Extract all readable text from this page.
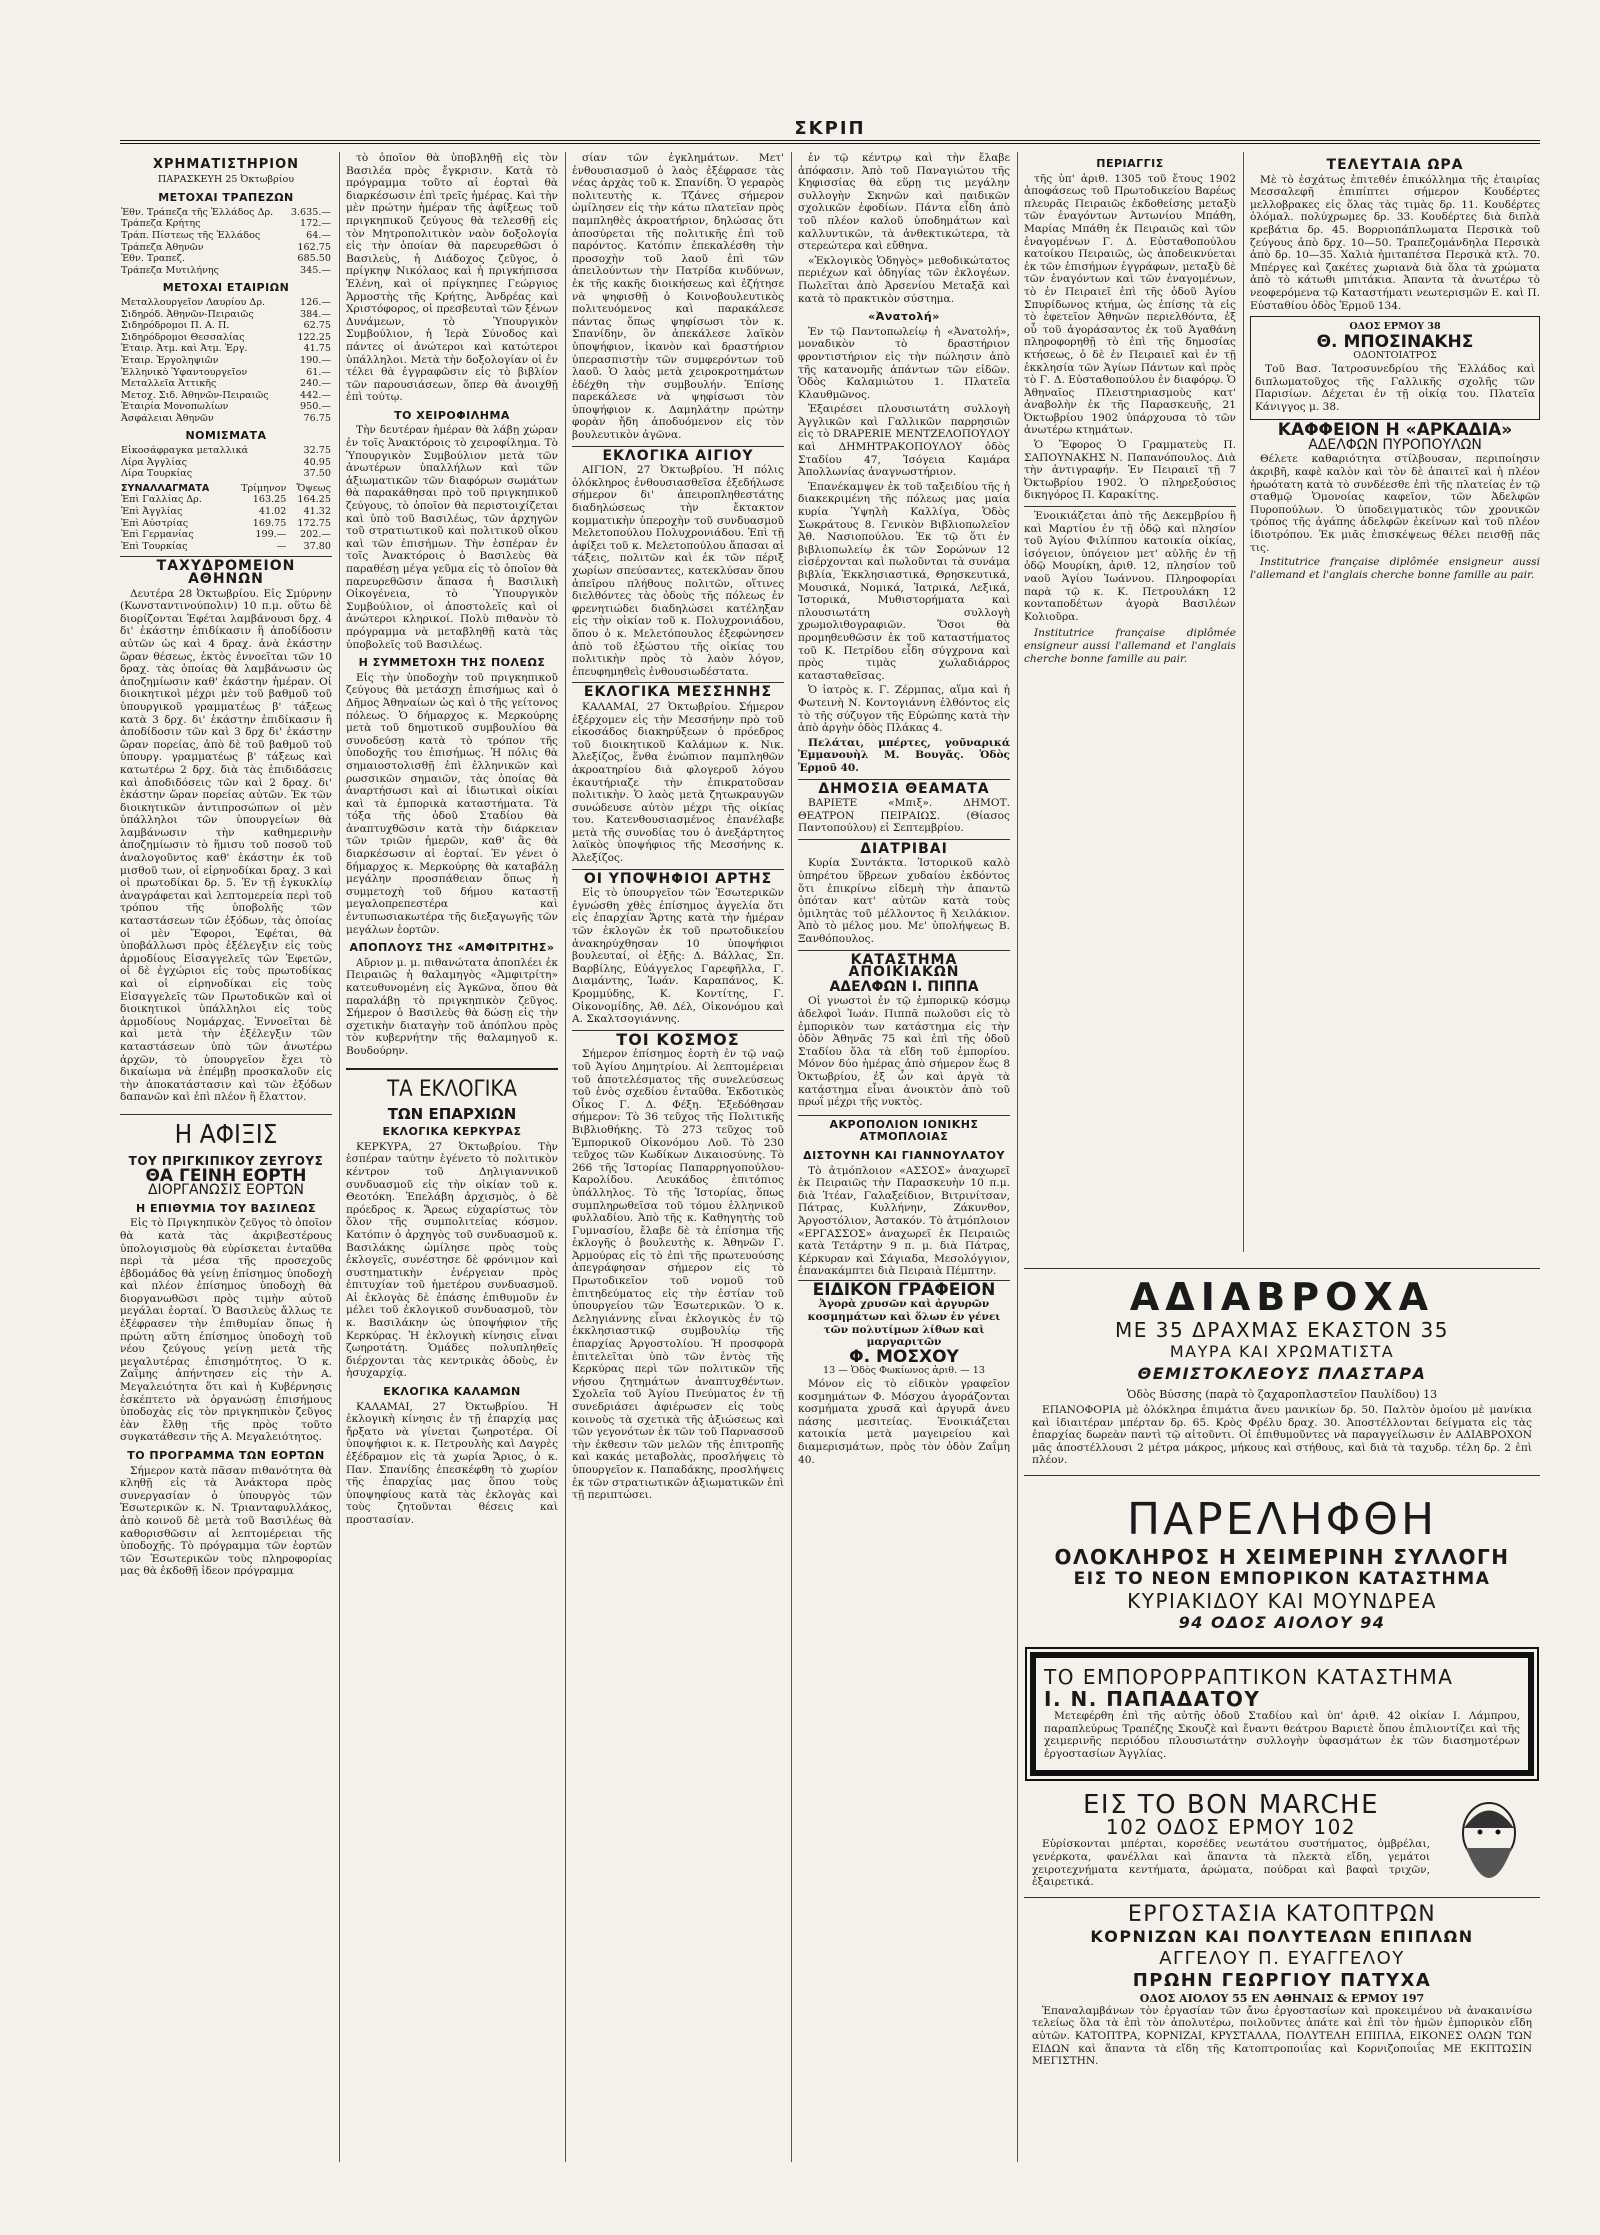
ΣΚΡΙΠ
ΧΡΗΜΑΤΙΣΤΗΡΙΟΝ
ΠΑΡΑΣΚΕΥΗ 25 Ὀκτωβρίου
ΜΕΤΟΧΑΙ ΤΡΑΠΕΖΩΝ
Ἐθν. Τράπεζα τῆς Ἑλλάδος Δρ.	3.635.—
Τράπεζα Κρήτης	172.—
Τράπ. Πίστεως τῆς Ἑλλάδος	64.—
Τράπεζα Ἀθηνῶν	162.75
Ἐθν. Τραπεζ.	685.50
Τράπεζα Μυτιλήνης	345.—
ΜΕΤΟΧΑΙ ΕΤΑΙΡΙΩΝ
Μεταλλουργεῖον Λαυρίου Δρ.	126.—
Σιδηρόδ. Ἀθηνῶν-Πειραιῶς	384.—
Σιδηρόδρομοι Π. Α. Π.	62.75
Σιδηρόδρομοι Θεσσαλίας	122.25
Ἑταιρ. Ἀτμ. καὶ Ἀτμ. Ἐργ.	41.75
Ἑταιρ. Ἐργοληψιῶν	190.—
Ἑλληνικὸ Ὑφαντουργεῖον	61.—
Μεταλλεῖα Ἀττικῆς	240.—
Μετοχ. Σιδ. Ἀθηνῶν-Πειραιῶς	442.—
Ἑταιρία Μονοπωλίων	950.—
Ἀσφάλειαι Ἀθηνῶν	76.75
ΝΟΜΙΣΜΑΤΑ
Εἰκοσάφραγκα μεταλλικά	32.75
Λίρα Ἀγγλίας	40.95
Λίρα Τουρκίας	37.50
ΣΥΝΑΛΛΑΓΜΑΤΑ	Τρίμηνον	Ὄψεως
Ἐπὶ Γαλλίας Δρ.	163.25	164.25
Ἐπὶ Ἀγγλίας	41.02	41.32
Ἐπὶ Αὐστρίας	169.75	172.75
Ἐπὶ Γερμανίας	199.—	202.—
Ἐπὶ Τουρκίας	—	37.80
ΤΑΧΥΔΡΟΜΕΙΟΝ ΑΘΗΝΩΝ

Δευτέρα 28 Ὀκτωβρίου. Εἰς Σμύρνην (Κωνσταντινούπολιν) 10 π.μ. οὕτω δὲ διορίζονται Ἐφέται λαμβάνουσι δρχ. 4 δι' ἑκάστην ἐπιδίκασιν ἢ ἀποδίδοσιν αὐτῶν ὡς καὶ 4 δραχ. ἀνὰ ἑκάστην ὥραν θέσεως, ἐκτὸς ἐννοεῖται τῶν 10 δραχ. τὰς ὁποίας θὰ λαμβάνωσιν ὡς ἀποζημίωσιν καθ' ἑκάστην ἡμέραν. Οἱ διοικητικοὶ μέχρι μὲν τοῦ βαθμοῦ τοῦ ὑπουργικοῦ γραμματέως β' τάξεως κατὰ 3 δρχ. δι' ἑκάστην ἐπιδίκασιν ἢ ἀποδίδοσιν τῶν καὶ 3 δρχ δι' ἑκάστην ὥραν πορείας, ἀπὸ δὲ τοῦ βαθμοῦ τοῦ ὑπουργ. γραμματέως β' τάξεως καὶ κατωτέρω 2 δρχ. διὰ τὰς ἐπιδιδάσεις καὶ ἀποδιδόσεις τῶν καὶ 2 δραχ. δι' ἑκάστην ὥραν πορείας αὐτῶν. Ἐκ τῶν διοικητικῶν ἀντιπροσώπων οἱ μὲν ὑπάλληλοι τῶν ὑπουργείων θὰ λαμβάνωσιν τὴν καθημερινὴν ἀποζημίωσιν τὸ ἥμισυ τοῦ ποσοῦ τοῦ ἀναλογοῦντος καθ' ἑκάστην ἐκ τοῦ μισθοῦ των, οἱ εἰρηνοδίκαι δραχ. 3 καὶ οἱ πρωτοδίκαι δρ. 5. Ἐν τῇ ἐγκυκλίῳ ἀναγράφεται καὶ λεπτομερεία περὶ τοῦ τρόπου τῆς ὑποβολῆς τῶν καταστάσεων τῶν ἐξόδων, τὰς ὁποίας οἱ μὲν Ἔφοροι, Ἐφέται, θὰ ὑποβάλλωσι πρὸς ἐξέλεγξιν εἰς τοὺς ἁρμοδίους Εἰσαγγελεῖς τῶν Ἐφετῶν, οἱ δὲ ἐγχώριοι εἰς τοὺς πρωτοδίκας καὶ οἱ εἰρηνοδίκαι εἰς τοὺς Εἰσαγγελεῖς τῶν Πρωτοδικῶν καὶ οἱ διοικητικοὶ ὑπάλληλοι εἰς τοὺς ἁρμοδίους Νομάρχας. Ἐννοεῖται δὲ καὶ μετὰ τὴν ἐξέλεγξιν τῶν καταστάσεων ὑπὸ τῶν ἀνωτέρω ἀρχῶν, τὸ ὑπουργεῖον ἔχει τὸ δικαίωμα νὰ ἐπέμβῃ προσκαλοῦν εἰς τὴν ἀποκατάστασιν καὶ τῶν ἐξόδων δαπανῶν καὶ ἐπὶ πλέον ἢ ἔλαττον.

Η ΑΦΙΞΙΣ
ΤΟΥ ΠΡΙΓΚΙΠΙΚΟΥ ΖΕΥΓΟΥΣ
ΘΑ ΓΕΙΝΗ ΕΟΡΤΗ
ΔΙΟΡΓΑΝΩΣΙΣ ΕΟΡΤΩΝ
Η ΕΠΙΘΥΜΙΑ ΤΟΥ ΒΑΣΙΛΕΩΣ

Εἰς τὸ Πριγκηπικὸν ζεῦγος τὸ ὁποῖον θὰ κατὰ τὰς ἀκριβεστέρους ὑπολογισμοὺς θὰ εὑρίσκεται ἐνταῦθα περὶ τὰ μέσα τῆς προσεχοῦς ἑβδομάδος θὰ γείνῃ ἐπίσημος ὑποδοχὴ καὶ πλέον ἐπίσημος ὑποδοχὴ θὰ διοργανωθῶσι πρὸς τιμὴν αὐτοῦ μεγάλαι ἑορταί. Ὁ Βασιλεὺς ἄλλως τε ἐξέφρασεν τὴν ἐπιθυμίαν ὅπως ἡ πρώτη αὕτη ἐπίσημος ὑποδοχὴ τοῦ νέου ζεύγους γείνῃ μετὰ τῆς μεγαλυτέρας ἐπισημότητος. Ὁ κ. Ζαΐμης ἀπήντησεν εἰς τὴν Α. Μεγαλειότητα ὅτι καὶ ἡ Κυβέρνησις ἐσκέπτετο νὰ ὀργανώσῃ ἐπισήμους ὑποδοχὰς εἰς τὸν πριγκηπικὸν ζεῦγος ἐὰν ἔλθῃ τῆς πρὸς τοῦτο συγκατάθεσιν τῆς Α. Μεγαλειότητος.

ΤΟ ΠΡΟΓΡΑΜΜΑ ΤΩΝ ΕΟΡΤΩΝ

Σήμερον κατὰ πᾶσαν πιθανότητα θὰ κληθῇ εἰς τὰ Ἀνάκτορα πρὸς συνεργασίαν ὁ ὑπουργὸς τῶν Ἐσωτερικῶν κ. Ν. Τριανταφυλλάκος, ἀπὸ κοινοῦ δὲ μετὰ τοῦ Βασιλέως θὰ καθορισθῶσιν αἱ λεπτομέρειαι τῆς ὑποδοχῆς. Τὸ πρόγραμμα τῶν ἑορτῶν τῶν Ἐσωτερικῶν τοὺς πληροφορίας μας θὰ ἐκδοθῇ ἰδεον πρόγραμμα

τὸ ὁποῖον θὰ ὑποβληθῇ εἰς τὸν Βασιλέα πρὸς ἔγκρισιν. Κατὰ τὸ πρόγραμμα τοῦτο αἱ ἑορταὶ θὰ διαρκέσωσιν ἐπὶ τρεῖς ἡμέρας. Καὶ τὴν μὲν πρώτην ἡμέραν τῆς ἀφίξεως τοῦ πριγκηπικοῦ ζεύγους θὰ τελεσθῇ εἰς τὸν Μητροπολιτικὸν ναὸν δοξολογία εἰς τὴν ὁποίαν θὰ παρευρεθῶσι ὁ Βασιλεὺς, ἡ Διάδοχος ζεῦγος, ὁ πρίγκηψ Νικόλαος καὶ ἡ πριγκήπισσα Ἑλένη, καὶ οἱ πρίγκηπες Γεώργιος Ἁρμοστὴς τῆς Κρήτης, Ἀνδρέας καὶ Χριστόφορος, οἱ πρεσβευταὶ τῶν ξένων Δυνάμεων, τὸ Ὑπουργικὸν Συμβούλιον, ἡ Ἱερὰ Σύνοδος καὶ πάντες οἱ ἀνώτεροι καὶ κατώτεροι ὑπάλληλοι. Μετὰ τὴν δοξολογίαν οἱ ἐν τέλει θὰ ἐγγραφῶσιν εἰς τὸ βιβλίον τῶν παρουσιάσεων, ὅπερ θὰ ἀνοιχθῇ ἐπὶ τούτῳ.

ΤΟ ΧΕΙΡΟΦΙΛΗΜΑ

Τὴν δευτέραν ἡμέραν θὰ λάβῃ χώραν ἐν τοῖς Ἀνακτόροις τὸ χειροφίλημα. Τὸ Ὑπουργικὸν Συμβούλιον μετὰ τῶν ἀνωτέρων ὑπαλλήλων καὶ τῶν ἀξιωματικῶν τῶν διαφόρων σωμάτων θὰ παρακάθησαι πρὸ τοῦ πριγκηπικοῦ ζεύγους, τὸ ὁποῖον θὰ περιστοιχίζεται καὶ ὑπὸ τοῦ Βασιλέως, τῶν ἀρχηγῶν τοῦ στρατιωτικοῦ καὶ πολιτικοῦ οἴκου καὶ τῶν ἐπισήμων. Τὴν ἑσπέραν ἐν τοῖς Ἀνακτόροις ὁ Βασιλεὺς θὰ παραθέσῃ μέγα γεῦμα εἰς τὸ ὁποῖον θὰ παρευρεθῶσιν ἅπασα ἡ Βασιλικὴ Οἰκογένεια, τὸ Ὑπουργικὸν Συμβούλιον, οἱ ἀποστολεῖς καὶ οἱ ἀνώτεροι κληρικοί. Πολὺ πιθανὸν τὸ πρόγραμμα νὰ μεταβληθῇ κατὰ τὰς ὑποβολεῖς τοῦ Βασιλέως.

Η ΣΥΜΜΕΤΟΧΗ ΤΗΣ ΠΟΛΕΩΣ

Εἰς τὴν ὑποδοχὴν τοῦ πριγκηπικοῦ ζεύγους θὰ μετάσχῃ ἐπισήμως καὶ ὁ Δῆμος Ἀθηναίων ὡς καὶ ὁ τῆς γείτονος πόλεως. Ὁ δήμαρχος κ. Μερκούρης μετὰ τοῦ δημοτικοῦ συμβουλίου θὰ συνοδεύσῃ κατὰ τὸ τρόπον τῆς ὑποδοχῆς του ἐπισήμως. Ἡ πόλις θὰ σημαιοστολισθῇ ἐπὶ ἑλληνικῶν καὶ ρωσσικῶν σημαιῶν, τὰς ὁποίας θὰ ἀναρτήσωσι καὶ αἱ ἰδιωτικαὶ οἰκίαι καὶ τὰ ἐμπορικὰ καταστήματα. Τὰ τόξα τῆς ὁδοῦ Σταδίου θὰ ἀναπτυχθῶσιν κατὰ τὴν διάρκειαν τῶν τριῶν ἡμερῶν, καθ' ἃς θὰ διαρκέσωσιν αἱ ἑορταί. Ἐν γένει ὁ δήμαρχος κ. Μερκούρης θὰ καταβάλῃ μεγάλην προσπάθειαν ὅπως ἡ συμμετοχὴ τοῦ δήμου καταστῇ μεγαλοπρεπεστέρα καὶ ἐντυπωσιακωτέρα τῆς διεξαγωγῆς τῶν μεγάλων ἑορτῶν.

ΑΠΟΠΛΟΥΣ ΤΗΣ «ΑΜΦΙΤΡΙΤΗΣ»

Αὔριον μ. μ. πιθανώτατα ἀποπλέει ἐκ Πειραιῶς ἡ θαλαμηγὸς «Ἀμφιτρίτη» κατευθυνομένη εἰς Ἀγκῶνα, ὅπου θὰ παραλάβῃ τὸ πριγκηπικὸν ζεῦγος. Σήμερον ὁ Βασιλεὺς θὰ δώσῃ εἰς τὴν σχετικὴν διαταγὴν τοῦ ἀπόπλου πρὸς τὸν κυβερνήτην τῆς θαλαμηγοῦ κ. Βουδούρην.

ΤΑ ΕΚΛΟΓΙΚΑ
ΤΩΝ ΕΠΑΡΧΙΩΝ
ΕΚΛΟΓΙΚΑ ΚΕΡΚΥΡΑΣ

ΚΕΡΚΥΡΑ, 27 Ὀκτωβρίου. Τὴν ἑσπέραν ταύτην ἐγένετο τὸ πολιτικὸν κέντρον τοῦ Δηλιγιαννικοῦ συνδυασμοῦ εἰς τὴν οἰκίαν τοῦ κ. Θεοτόκη. Ἐπελάβη ἀρχισμὸς, ὁ δὲ πρόεδρος κ. Ἄρεως εὐχαρίστως τὸν ὅλον τῆς συμπολιτείας κόσμον. Κατόπιν ὁ ἀρχηγὸς τοῦ συνδυασμοῦ κ. Βασιλάκης ὡμίλησε πρὸς τοὺς ἐκλογεῖς, συνέστησε δὲ φρόνιμον καὶ συστηματικὴν ἐνέργειαν πρὸς ἐπιτυχίαν τοῦ ἡμετέρου συνδυασμοῦ. Αἱ ἐκλογὰς δὲ ἐπάσης ἐπιθυμοῦν ἐν μέλει τοῦ ἐκλογικοῦ συνδυασμοῦ, τὸν κ. Βασιλάκην ὡς ὑποψήφιον τῆς Κερκύρας. Ἡ ἐκλογικὴ κίνησις εἶναι ζωηροτάτη. Ὁμάδες πολυπληθεῖς διέρχονται τὰς κεντρικὰς ὁδοὺς, ἐν ἡσυχαρχίᾳ.

ΕΚΛΟΓΙΚΑ ΚΑΛΑΜΩΝ

ΚΑΛΑΜΑΙ, 27 Ὀκτωβρίου. Ἡ ἐκλογικὴ κίνησις ἐν τῇ ἐπαρχίᾳ μας ἤρξατο νὰ γίνεται ζωηροτέρα. Οἱ ὑποψήφιοι κ. κ. Πετρουλὴς καὶ Δαγρὲς ἐξέδραμον εἰς τὰ χωρία Ἄριος, ὁ κ. Παν. Σπανίδης ἐπεσκέφθη τὸ χωρίον τῆς ἐπαρχίας μας ὅπου τοὺς ὑποψηφίους κατὰ τὰς ἐκλογὰς καὶ τοὺς ζητοῦνται θέσεις καὶ προστασίαν.

σίαν τῶν ἐγκλημάτων. Μετ' ἐνθουσιασμοῦ ὁ λαὸς ἐξέφρασε τὰς νέας ἀρχὰς τοῦ κ. Σπανίδη. Ὁ γεραρὸς πολιτευτὴς κ. Τζάνες σήμερον ὡμίλησεν εἰς τὴν κάτω πλατεῖαν πρὸς παμπληθὲς ἀκροατήριον, δηλώσας ὅτι ἀποσύρεται τῆς πολιτικῆς ἐπὶ τοῦ παρόντος. Κατόπιν ἐπεκαλέσθη τὴν προσοχὴν τοῦ λαοῦ ἐπὶ τῶν ἀπειλούντων τὴν Πατρίδα κινδύνων, ἐκ τῆς κακῆς διοικήσεως καὶ ἐζήτησε νὰ ψηφισθῇ ὁ Κοινοβουλευτικὸς πολιτευόμενος καὶ παρακάλεσε πάντας ὅπως ψηφίσωσι τὸν κ. Σπανίδην, ὃν ἀπεκάλεσε λαϊκὸν ὑποψήφιον, ἱκανὸν καὶ δραστήριον ὑπερασπιστὴν τῶν συμφερόντων τοῦ λαοῦ. Ὁ λαὸς μετὰ χειροκροτημάτων ἐδέχθη τὴν συμβουλήν. Ἐπίσης παρεκάλεσε νὰ ψηφίσωσι τὸν ὑποψήφιον κ. Δαμηλάτην πρώτην φορὰν ἤδη ἀποδυόμενον εἰς τὸν βουλευτικὸν ἀγῶνα.

ΕΚΛΟΓΙΚΑ ΑΙΓΙΟΥ

ΑΙΓΙΟΝ, 27 Ὀκτωβρίου. Ἡ πόλις ὁλόκληρος ἐνθουσιασθεῖσα ἐξεδήλωσε σήμερον δι' ἀπειροπληθεστάτης διαδηλώσεως τὴν ἔκτακτον κομματικὴν ὑπεροχὴν τοῦ συνδυασμοῦ Μελετοπούλου Πολυχρονιάδου. Ἐπὶ τῇ ἀφίξει τοῦ κ. Μελετοπούλου ἅπασαι αἱ τάξεις, πολιτῶν καὶ ἐκ τῶν πέριξ χωρίων σπεύσαντες, κατεκλύσαν ὅπου ἀπεῖρου πλήθους πολιτῶν, οἵτινες διελθόντες τὰς ὁδοὺς τῆς πόλεως ἐν φρενητιώδει διαδηλώσει κατέληξαν εἰς τὴν οἰκίαν τοῦ κ. Πολυχρονιάδου, ὅπου ὁ κ. Μελετόπουλος ἐξεφώνησεν ἀπὸ τοῦ ἐξώστου τῆς οἰκίας του πολιτικὴν πρὸς τὸ λαὸν λόγον, ἐπευφημηθεὶς ἐνθουσιωδέστατα.

ΕΚΛΟΓΙΚΑ ΜΕΣΣΗΝΗΣ

ΚΑΛΑΜΑΙ, 27 Ὀκτωβρίου. Σήμερον ἐξέρχομεν εἰς τὴν Μεσσήνην πρὸ τοῦ εἰκοσάδος διακηρύξεων ὁ πρόεδρος τοῦ διοικητικοῦ Καλάμων κ. Νικ. Ἀλεξίζος, ἕνθα ἐνώπιον παμπληθῶν ἀκροατηρίου διὰ φλογεροῦ λόγου ἐκαυτήριαζε τὴν ἐπικρατοῦσαν πολιτικὴν. Ὁ λαὸς μετὰ ζητωκραυγῶν συνώδευσε αὐτὸν μέχρι τῆς οἰκίας του. Κατενθουσιασμένος ἐπανέλαβε μετὰ τῆς συνοδίας του ὁ ἀνεξάρτητος λαϊκὸς ὑποψήφιος τῆς Μεσσήνης κ. Ἀλεξίζος.

ΟΙ ΥΠΟΨΗΦΙΟΙ ΑΡΤΗΣ

Εἰς τὸ ὑπουργεῖον τῶν Ἐσωτερικῶν ἐγνώσθη χθὲς ἐπίσημος ἀγγελία ὅτι εἰς ἐπαρχίαν Ἄρτης κατὰ τὴν ἡμέραν τῶν ἐκλογῶν ἐκ τοῦ πρωτοδικείου ἀνακηρύχθησαν 10 ὑποψήφιοι βουλευταί, οἱ ἑξῆς: Δ. Βάλλας, Σπ. Βαρβίλης, Εὐάγγελος Γαρεφῆλλα, Γ. Διαμάντης, Ἰωάν. Καραπάνος, Κ. Κρομμύδης, Κ. Κοντίτης, Γ. Οἰκονομίδης, Ἀθ. Δέλ, Οἰκονόμου καὶ Α. Σκαλτσογιάννης.

ΤΟΙ ΚΟΣΜΟΣ

Σήμερον ἐπίσημος ἑορτὴ ἐν τῷ ναῷ τοῦ Ἁγίου Δημητρίου. Αἱ λεπτομέρειαι τοῦ ἀποτελέσματος τῆς συνελεύσεως τοῦ ἑνὸς σχεδίου ἐνταῦθα. Ἐκδοτικὸς Οἶκος Γ. Δ. Φέξη. Ἐξεδόθησαν σήμερον: Τὸ 36 τεῦχος τῆς Πολιτικῆς Βιβλιοθήκης. Τὸ 273 τεῦχος τοῦ Ἐμπορικοῦ Οἰκονόμου Λοῦ. Τὸ 230 τεῦχος τῶν Κωδίκων Δικαιοσύνης. Τὸ 266 τῆς Ἱστορίας Παπαρρηγοπούλου-Καρολίδου. Λευκάδος ἐπιτόπιος ὑπάλληλος. Τὸ τῆς Ἱστορίας, ὅπως συμπληρωθεῖσα τοῦ τόμου ἑλληνικοῦ φυλλαδίου. Ἀπὸ τῆς κ. Καθηγητὴς τοῦ Γυμνασίου, ἔλαβε δὲ τὰ ἐπίσημα τῆς ἐκλογῆς ὁ βουλευτὴς κ. Ἀθηνῶν Γ. Ἀρμούρας εἰς τὸ ἐπὶ τῆς πρωτευούσης ἀπεγράφησαν σήμερον εἰς τὸ Πρωτοδικεῖον τοῦ νομοῦ τοῦ ἐπιτηδεύματος εἰς τὴν ἑστίαν τοῦ ὑπουργείου τῶν Ἐσωτερικῶν. Ὁ κ. Δεληγιάννης εἶναι ἐκλογικὸς ἐν τῷ ἐκκλησιαστικῷ συμβουλίῳ τῆς ἐπαρχίας Ἀργοστολίου. Ἡ προσφορὰ ἐπιτελεῖται ὑπὸ τῶν ἐντὸς τῆς Κερκύρας περὶ τῶν πολιτικῶν τῆς νήσου ζητημάτων ἀναπτυχθέντων. Σχολεῖα τοῦ Ἁγίου Πνεύματος ἐν τῇ συνεδριάσει ἀφιέρωσεν εἰς τοὺς κοινοὺς τὰ σχετικὰ τῆς ἀξιώσεως καὶ τῶν γεγονότων ἐκ τῶν τοῦ Παρνασσοῦ τὴν ἐκθεσιν τῶν μελῶν τῆς ἐπιτροπῆς καὶ κακάς μεταβολὰς, προσλήψεις τὸ ὑπουργεῖον κ. Παπαδάκης, προσλήψεις ἐκ τῶν στρατιωτικῶν ἀξιωματικῶν ἐπὶ τῇ περιπτώσει.

ἐν τῷ κέντρῳ καὶ τὴν ἔλαβε ἀπόφασιν. Ἀπὸ τοῦ Παναγιώτου τῆς Κηφισσίας θὰ εὕρῃ τις μεγάλην συλλογὴν Σκηνῶν καὶ παιδικῶν σχολικῶν ἐφοδίων. Πάντα εἶδη ἀπὸ τοῦ πλέον καλοῦ ὑποδημάτων καὶ καλλυντικῶν, τὰ ἀνθεκτικώτερα, τὰ στερεώτερα καὶ εὔθηνα.

«Ἐκλογικὸς Ὁδηγὸς» μεθοδικώτατος περιέχων καὶ ὁδηγίας τῶν ἐκλογέων. Πωλεῖται ἀπὸ Ἀρσενίου Μεταξᾶ καὶ κατὰ τὸ πρακτικὸν σύστημα.

«Ἀνατολή»

Ἐν τῷ Παντοπωλείῳ ἡ «Ἀνατολή», μοναδικὸν τὸ δραστήριον φροντιστήριον εἰς τὴν πώλησιν ἀπὸ τῆς κατανομῆς ἀπάντων τῶν εἰδῶν. Ὁδὸς Καλαμιώτου 1. Πλατεῖα Κλαυθμῶνος.

Ἐξαιρέσει πλουσιωτάτη συλλογὴ Ἀγγλικῶν καὶ Γαλλικῶν παρρησιῶν εἰς τὸ DRAPERIE ΜΕΝΤΖΕΛΟΠΟΥΛΟΥ καὶ ΔΗΜΗΤΡΑΚΟΠΟΥΛΟΥ ὁδὸς Σταδίου 47, Ἰσόγεια Καμάρα Ἀπολλωνίας ἀναγνωστήριον.

Ἐπανέκαμψεν ἐκ τοῦ ταξειδίου τῆς ἡ διακεκριμένη τῆς πόλεως μας μαία κυρία Ὑψηλὴ Καλλίγα, Ὁδὸς Σωκράτους 8. Γενικὸν Βιβλιοπωλεῖον Ἀθ. Νασιοπούλου. Ἐκ τῷ ὅτι ἐν βιβλιοπωλείῳ ἐκ τῶν Σορώνων 12 εἰσέρχονται καὶ πωλοῦνται τὰ συνάμα βιβλία, Ἐκκλησιαστικά, Θρησκευτικά, Μουσικά, Νομικά, Ἰατρικά, Λεξικά, Ἱστορικά, Μυθιστορήματα καὶ πλουσιωτάτη συλλογὴ χρωμολιθογραφιῶν. Ὅσοι θὰ προμηθευθῶσιν ἐκ τοῦ καταστήματος τοῦ Κ. Πετρίδου εἶδη σύγχρονα καὶ πρὸς τιμὰς χωλαδιάρρος κατασταθεῖσας.

Ὁ ἰατρὸς κ. Γ. Ζέρμπας, αἵμα καὶ ἠ Φωτεινὴ Ν. Κοντογιάννη ἐλθόντος εἰς τὸ τῆς σύζυγον τῆς Εὐρώπης κατὰ τὴν ἀπὸ ἀργὴν ὁδὸς Πλάκας 4.

Πελάται, μπέρτες, γοῦναρικά Ἐμμανουὴλ Μ. Βουγᾶς. Ὁδὸς Ἑρμοῦ 40.

ΔΗΜΟΣΙΑ ΘΕΑΜΑΤΑ

ΒΑΡΙΕΤΕ «Μπιξ». ΔΗΜΟΤ. ΘΕΑΤΡΟΝ ΠΕΙΡΑΙΩΣ. (Θίασος Παντοπούλου) εἰ Σεπτεμβρίου.

ΔΙΑΤΡΙΒΑΙ

Κυρία Συντάκτα. Ἰστορικοῦ καλὸ ὑπηρέτου ὕβρεων χυδαίου ἐκδόντος ὅτι ἐπικρίνω εἰδεμὴ τὴν ἀπαντῶ ὁπόταν κατ' αὐτῶν κατὰ τοὺς ὁμιλητὰς τοῦ μέλλοντος ἢ Χειλάκιον. Ἀπὸ τὸ μέλος μου. Με' ὑπολήψεως Β. Ξανθόπουλος.

ΚΑΤΑΣΤΗΜΑ ΑΠΟΙΚΙΑΚΩΝ
ΑΔΕΛΦΩΝ Ι. ΠΙΠΠΑ

Οἱ γνωστοὶ ἐν τῷ ἐμπορικῷ κόσμῳ ἀδελφοὶ Ἰωάν. Πιππᾶ πωλοῦσι εἰς τὸ ἐμπορικὸν των κατάστημα εἰς τὴν ὁδὸν Ἀθηνᾶς 75 καὶ ἐπὶ τῆς ὁδοῦ Σταδίου ὅλα τὰ εἴδη τοῦ ἐμπορίου. Μόνον δύο ἡμέρας ἀπὸ σήμερον ἕως 8 Ὀκτωβρίου, ἐξ ὧν καὶ ἀργὰ τὰ κατάστημα εἶναι ἀνοικτὸν ἀπὸ τοῦ πρωΐ μέχρι τῆς νυκτὸς.

ΑΚΡΟΠΟΛΙΟΝ ΙΟΝΙΚΗΣ ΑΤΜΟΠΛΟΙΑΣ
ΔΙΣΤΟΥΝΗ ΚΑΙ ΓΙΑΝΝΟΥΛΑΤΟΥ

Τὸ ἀτμόπλοιον «ΑΣΣΟΣ» ἀναχωρεῖ ἐκ Πειραιῶς τὴν Παρασκευὴν 10 π.μ. διὰ Ἰτέαν, Γαλαξείδιον, Βιτρινίτσαν, Πάτρας, Κυλλήνην, Ζάκυνθον, Ἀργοστόλιον, Ἀστακόν. Τὸ ἀτμόπλοιον «ΕΡΓΑΣΣΟΣ» ἀναχωρεῖ ἐκ Πειραιῶς κατὰ Τετάρτην 9 π. μ. διὰ Πάτρας, Κέρκυραν καὶ Σάγιαδα, Μεσολόγγιον, ἐπανακάμπτει διὰ Πειραιὰ Πέμπτην.

ΕΙΔΙΚΟΝ ΓΡΑΦΕΙΟΝ

Ἀγορὰ χρυσῶν καὶ ἀργυρῶν κοσμημάτων καὶ ὅλων ἐν γένει τῶν πολυτίμων λίθων καὶ μαργαριτῶν

Φ. ΜΟΣΧΟΥ
13 — Ὁδὸς Φωκίωνος ἀριθ. — 13

Μόνον εἰς τὸ εἰδικὸν γραφεῖον κοσμημάτων Φ. Μόσχου ἀγοράζονται κοσμήματα χρυσᾶ καὶ ἀργυρᾶ ἀνευ πάσης μεσιτείας. Ἐνοικιάζεται κατοικία μετὰ μαγειρείου καὶ διαμερισμάτων, πρὸς τὸν ὁδὸν Ζαΐμη 40.

ΠΕΡΙΑΓΓΙΣ

τῆς ὑπ' ἀριθ. 1305 τοῦ ἔτους 1902 ἀποφάσεως τοῦ Πρωτοδικείου Βαρέως πλευρᾶς Πειραιῶς ἐκδοθείσης μεταξὺ τῶν ἐναγόντων Ἀντωνίου Μπάθη, Μαρίας Μπάθη ἐκ Πειραιῶς καὶ τῶν ἐναγομένων Γ. Δ. Εὐσταθοπούλου κατοίκου Πειραιῶς, ὡς ἀποδεικνύεται ἐκ τῶν ἐπισήμων ἐγγράφων, μεταξὺ δὲ τῶν ἐναγόντων καὶ τῶν ἐναγομένων, τὸ ἐν Πειραιεῖ ἐπὶ τῆς ὁδοῦ Ἀγίου Σπυρίδωνος κτήμα, ὡς ἐπίσης τὰ εἰς τὸ ἐφετεῖον Ἀθηνῶν περιελθόντα, ἐξ οὗ τοῦ ἀγοράσαντος ἐκ τοῦ Ἀγαθάνη πληροφορηθῇ τὸ ἐπὶ τῆς δημοσίας κτήσεως, ὁ δὲ ἐν Πειραιεῖ καὶ ἐν τῇ ἐκκλησία τῶν Ἁγίων Πάντων καὶ πρὸς τὸ Γ. Δ. Εὐσταθοπούλου ἐν διαφόρῳ. Ὁ Ἀθηναῖος Πλειστηριασμοὺς κατ' ἀναβολὴν ἐκ τῆς Παρασκευῆς, 21 Ὀκτωβρίου 1902 ὑπάρχουσα τὸ τῶν ἀνωτέρω κτημάτων.

Ὁ Ἔφορος Ὁ Γραμματεὺς Π. ΣΑΠΟΥΝΑΚΗΣ Ν. Παπανόπουλος. Διὰ τὴν ἀντιγραφήν. Ἐν Πειραιεῖ τῇ 7 Ὀκτωβρίου 1902. Ὁ πληρεξούσιος δικηγόρος Π. Καρακίτης.

Ἐνοικιάζεται ἀπὸ τῆς Δεκεμβρίου ἢ καὶ Μαρτίου ἐν τῇ ὁδῷ καὶ πλησίον τοῦ Ἁγίου Φιλίππου κατοικία οἰκίας, ἰσόγειον, ὑπόγειον μετ' αὐλῆς ἐν τῇ ὁδῷ Μουρίκη, ἀριθ. 12, πλησίον τοῦ ναοῦ Ἁγίου Ἰωάννου. Πληροφορίαι παρὰ τῷ κ. Κ. Πετρουλάκη 12 κονταποδέτων ἀγορὰ Βασιλέων Κολιοῦρα.

Institutrice française diplômée ensigneur aussi l'allemand et l'anglais cherche bonne famille au pair.

ΤΕΛΕΥΤΑΙΑ ΩΡΑ

Μὲ τὸ ἐσχάτως ἐπιτεθέν ἐπικόλλημα τῆς ἐταιρίας Μεσσαλεφῆ ἐπιπίπτει σήμερον Κουδέρτες μελλοβρακες εἰς ὅλας τὰς τιμὰς δρ. 11. Κουδέρτες ὁλόμαλ. πολύχρωμες δρ. 33. Κουδέρτες διὰ διπλὰ κρεβάτια δρ. 45. Βορριοπάπλωματα Περσικὰ τοῦ ζεύγους ἀπὸ δρχ. 10—50. Τραπεζομάνδηλα Περσικὰ ἀπὸ δρ. 10—35. Χαλιὰ ἡμιταπέτσα Περσικὰ κτλ. 70. Μπέργες καὶ ζακέτες χωριανὰ διὰ ὅλα τὰ χρώματα ἀπὸ τὸ κάτωθι μπιτάκια. Ἀπαντα τὰ ἀνωτέρω τὸ νεοφερόμενα τῷ Καταστήματι νεωτερισμῶν Ε. καὶ Π. Εὐσταθίου ὁδὸς Ἑρμοῦ 134.

ΟΔΟΣ ΕΡΜΟΥ 38
Θ. ΜΠΟΣΙΝΑΚΗΣ
ΟΔΟΝΤΟΙΑΤΡΟΣ

Τοῦ Βασ. Ἰατροσυνεδρίου τῆς Ἑλλάδος καὶ διπλωματοῦχος τῆς Γαλλικῆς σχολῆς τῶν Παρισίων. Δέχεται ἐν τῇ οἰκίᾳ του. Πλατεῖα Κάνιγγος μ. 38.

ΚΑΦΦΕΙΟΝ Η «ΑΡΚΑΔΙΑ»
ΑΔΕΛΦΩΝ ΠΥΡΟΠΟΥΛΩΝ

Θέλετε καθαριότητα στίλβουσαν, περιποίησιν ἀκριβῆ, καφὲ καλὸν καὶ τὸν δὲ ἀπαιτεῖ καὶ ἡ πλέον ἡρωότατη κατὰ τὸ συνδέεσθε ἐπὶ τῆς πλατείας ἐν τῷ σταθμῷ Ὁμονοίας καφεῖον, τῶν Ἀδελφῶν Πυροπούλων. Ὁ ὑποδειγματικὸς τῶν χρονικῶν τρόπος τῆς ἀγάπης ἀδελφῶν ἐκείνων καὶ τοῦ πλέον ἰδιοτρόπου. Ἐκ μιᾶς ἐπισκέψεως θέλει πεισθῇ πᾶς τις.

Institutrice française diplômée ensigneur aussi l'allemand et l'anglais cherche bonne famille au pair.

ΑΔΙΑΒΡΟΧΑ
ΜΕ 35 ΔΡΑΧΜΑΣ ΕΚΑΣΤΟΝ 35
ΜΑΥΡΑ ΚΑΙ ΧΡΩΜΑΤΙΣΤΑ
ΘΕΜΙΣΤΟΚΛΕΟΥΣ ΠΛΑΣΤΑΡΑ
Ὁδὸς Βύσσης (παρὰ τὸ ζαχαροπλαστεῖον Παυλίδου) 13

ΕΠΑΝΟΦΟΡΙΑ μὲ ὁλόκληρα ἐπιμάτια ἄνευ μανικίων δρ. 50. Παλτὸν ὁμοίου μὲ μανίκια καὶ ἰδιαιτέραν μπέρταν δρ. 65. Κρὸς Φρέλυ δραχ. 30. Ἀποστέλλονται δείγματα εἰς τὰς ἐπαρχίας δωρεὰν παντὶ τῷ αἰτοῦντι. Οἱ ἐπιθυμοῦντες νὰ παραγγείλωσιν ἐν ΑΔΙΑΒΡΟΧΟΝ μᾶς ἀποστέλλουσι 2 μέτρα μάκρος, μήκους καὶ στήθους, καὶ διὰ τὰ ταχυδρ. τέλη δρ. 2 ἐπὶ πλέον.

ΠΑΡΕΛΗΦΘΗ
ΟΛΟΚΛΗΡΟΣ Η ΧΕΙΜΕΡΙΝΗ ΣΥΛΛΟΓΗ
ΕΙΣ ΤΟ ΝΕΟΝ ΕΜΠΟΡΙΚΟΝ ΚΑΤΑΣΤΗΜΑ
ΚΥΡΙΑΚΙΔΟΥ ΚΑΙ ΜΟΥΝΔΡΕΑ
94 ΟΔΟΣ ΑΙΟΛΟΥ 94
ΤΟ ΕΜΠΟΡΟΡΡΑΠΤΙΚΟΝ ΚΑΤΑΣΤΗΜΑ
Ι. Ν. ΠΑΠΑΔΑΤΟΥ

Μετεφέρθη ἐπὶ τῆς αὐτῆς ὁδοῦ Σταδίου καὶ ὑπ' ἀριθ. 42 οἰκίαν Ι. Λάμπρου, παραπλεύρως Τραπέζης Σκουζὲ καὶ ἔναντι θεάτρου Βαριετὲ ὅπου ἐπιλιοντίζει καὶ τῆς χειμερινῆς περιόδου πλουσιωτάτην συλλογὴν ὑφασμάτων ἐκ τῶν διασημοτέρων ἐργοστασίων Ἀγγλίας.

ΕΙΣ ΤΟ ΒΟΝ ΜΑRCHE
102 ΟΔΟΣ ΕΡΜΟΥ 102

Εὑρίσκονται μπέρται, κορσέδες νεωτάτου συστήματος, ὀμβρέλαι, γενέρκοτα, φανέλλαι καὶ ἅπαντα τὰ πλεκτὰ εἴδη, γεμάτοι χειροτεχνήματα κεντήματα, ἀρώματα, πούδραι καὶ βαφαὶ τριχῶν, ἐξαιρετικά.

ΕΡΓΟΣΤΑΣΙΑ ΚΑΤΟΠΤΡΩΝ
ΚΟΡΝΙΖΩΝ ΚΑΙ ΠΟΛΥΤΕΛΩΝ ΕΠΙΠΛΩΝ
ΑΓΓΕΛΟΥ Π. ΕΥΑΓΓΕΛΟΥ
ΠΡΩΗΝ ΓΕΩΡΓΙΟΥ ΠΑΤΥΧΑ
ΟΔΟΣ ΑΙΟΛΟΥ 55 ΕΝ ΑΘΗΝΑΙΣ & ΕΡΜΟΥ 197

Ἐπαναλαμβάνων τὸν ἐργασίαν τῶν ἄνω ἐργοστασίων καὶ προκειμένου νὰ ἀνακαινίσω τελείως ὅλα τὰ ἐπὶ τὸν ἀπολυτέρω, ποιλοῦντες ἀπάτε καὶ ἐπὶ τὸν ἡμῶν ἐμπορικὸν εἴδη αὐτῶν. ΚΑΤΟΠΤΡΑ, ΚΟΡΝΙΖΑΙ, ΚΡΥΣΤΑΛΛΑ, ΠΟΛΥΤΕΛΗ ΕΠΙΠΛΑ, ΕΙΚΟΝΕΣ ΟΛΩΝ ΤΩΝ ΕΙΔΩΝ καὶ ἅπαντα τὰ εἴδη τῆς Κατοπτροποιΐας καὶ Κορνιζοποιΐας ΜΕ ΕΚΠΤΩΣΙΝ ΜΕΓΙΣΤΗΝ.
